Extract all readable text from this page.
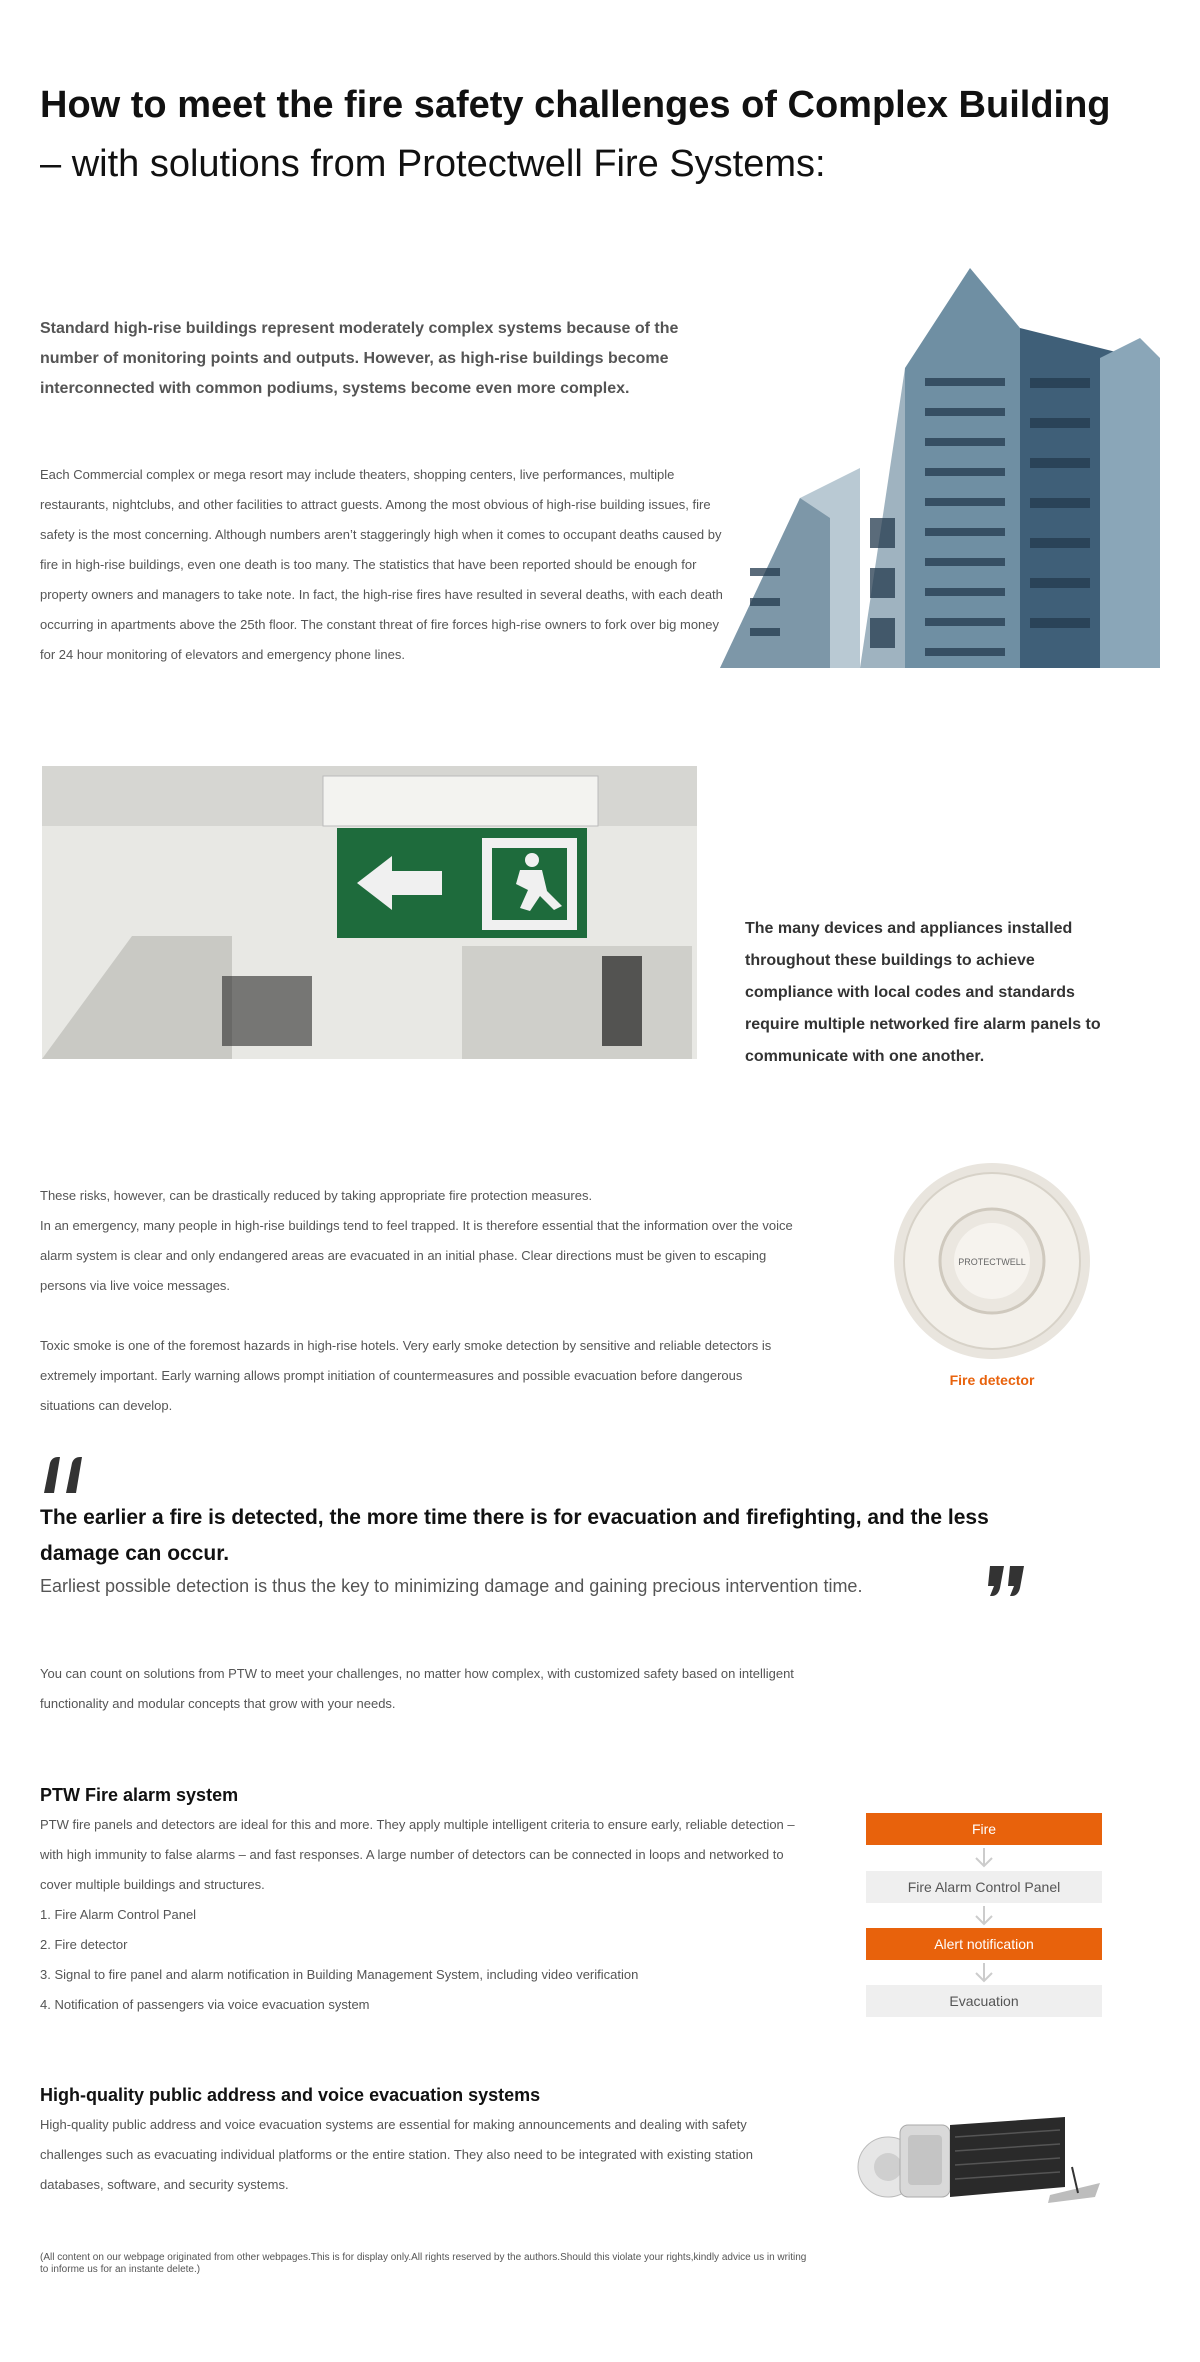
How to meet the fire safety challenges of Complex Building
– with solutions from Protectwell Fire Systems:
Standard high-rise buildings represent moderately complex systems because of the number of monitoring points and outputs. However, as high-rise buildings become interconnected with common podiums, systems become even more complex.
Each Commercial complex or mega resort may include theaters, shopping centers, live performances, multiple restaurants, nightclubs, and other facilities to attract guests. Among the most obvious of high-rise building issues, fire safety is the most concerning. Although numbers aren’t staggeringly high when it comes to occupant deaths caused by fire in high-rise buildings, even one death is too many. The statistics that have been reported should be enough for property owners and managers to take note. In fact, the high-rise fires have resulted in several deaths, with each death occurring in apartments above the 25th floor. The constant threat of fire forces high-rise owners to fork over big money for 24 hour monitoring of elevators and emergency phone lines.
The many devices and appliances installed throughout these buildings to achieve compliance with local codes and standards require multiple networked fire alarm panels to communicate with one another.
These risks, however, can be drastically reduced by taking appropriate fire protection measures.
In an emergency, many people in high-rise buildings tend to feel trapped. It is therefore essential that the information over the voice alarm system is clear and only endangered areas are evacuated in an initial phase. Clear directions must be given to escaping persons via live voice messages.
Toxic smoke is one of the foremost hazards in high-rise hotels. Very early smoke detection by sensitive and reliable detectors is extremely important. Early warning allows prompt initiation of countermeasures and possible evacuation before dangerous situations can develop.
PROTECTWELL
Fire detector
The earlier a fire is detected, the more time there is for evacuation and firefighting, and the less damage can occur.
Earliest possible detection is thus the key to minimizing damage and gaining precious intervention time.
You can count on solutions from PTW to meet your challenges, no matter how complex, with customized safety based on intelligent functionality and modular concepts that grow with your needs.
PTW Fire alarm system
PTW fire panels and detectors are ideal for this and more. They apply multiple intelligent criteria to ensure early, reliable detection – with high immunity to false alarms – and fast responses. A large number of detectors can be connected in loops and networked to cover multiple buildings and structures.
1. Fire Alarm Control Panel
2. Fire detector
3. Signal to fire panel and alarm notification in Building Management System, including video verification
4. Notification of passengers via voice evacuation system
Fire
Fire Alarm Control Panel
Alert notification
Evacuation
High-quality public address and voice evacuation systems
High-quality public address and voice evacuation systems are essential for making announcements and dealing with safety challenges such as evacuating individual platforms or the entire station. They also need to be integrated with existing station databases, software, and security systems.
(All content on our webpage originated from other webpages.This is for display only.All rights reserved by the authors.Should this violate your rights,kindly advice us in writing to informe us for an instante delete.)
